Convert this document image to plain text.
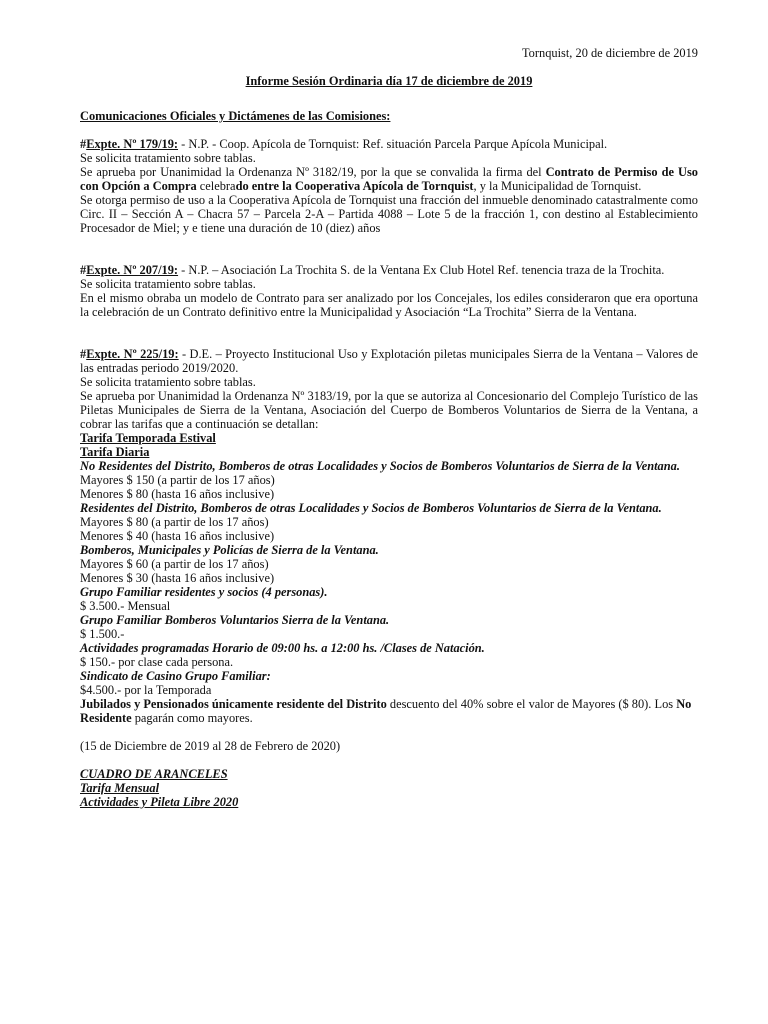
Tornquist, 20 de diciembre de 2019

Informe Sesión Ordinaria día 17 de diciembre de 2019

Comunicaciones Oficiales y Dictámenes de las Comisiones:

#Expte. Nº 179/19: - N.P. - Coop. Apícola de Tornquist: Ref. situación Parcela Parque Apícola Municipal.

Se solicita tratamiento sobre tablas.

Se aprueba por Unanimidad la Ordenanza Nº 3182/19, por la que se convalida la firma del Contrato de Permiso de Uso con Opción a Compra celebrado entre la Cooperativa Apícola de Tornquist, y la Municipalidad de Tornquist.

Se otorga permiso de uso a la Cooperativa Apícola de Tornquist una fracción del inmueble denominado catastralmente como Circ. II – Sección A – Chacra 57 – Parcela 2-A – Partida 4088 – Lote 5 de la fracción 1, con destino al Establecimiento Procesador de Miel; y e tiene una duración de 10 (diez) años

#Expte. Nº 207/19: - N.P. – Asociación La Trochita S. de la Ventana Ex Club Hotel Ref. tenencia traza de la Trochita.

Se solicita tratamiento sobre tablas.

En el mismo obraba un modelo de Contrato para ser analizado por los Concejales, los ediles consideraron que era oportuna la celebración de un Contrato definitivo entre la Municipalidad y Asociación “La Trochita” Sierra de la Ventana.

#Expte. Nº 225/19: - D.E. – Proyecto Institucional Uso y Explotación piletas municipales Sierra de la Ventana – Valores de las entradas periodo 2019/2020.

Se solicita tratamiento sobre tablas.

Se aprueba por Unanimidad la Ordenanza Nº 3183/19, por la que se autoriza al Concesionario del Complejo Turístico de las Piletas Municipales de Sierra de la Ventana, Asociación del Cuerpo de Bomberos Voluntarios de Sierra de la Ventana, a cobrar las tarifas que a continuación se detallan:

Tarifa Temporada Estival

Tarifa Diaria

No Residentes del Distrito, Bomberos de otras Localidades y Socios de Bomberos Voluntarios de Sierra de la Ventana.

Mayores $ 150 (a partir de los 17 años)

Menores $ 80 (hasta 16 años inclusive)

Residentes del Distrito, Bomberos de otras Localidades y Socios de Bomberos Voluntarios de Sierra de la Ventana.

Mayores $ 80 (a partir de los 17 años)

Menores $ 40 (hasta 16 años inclusive)

Bomberos, Municipales y Policías de Sierra de la Ventana.

Mayores $ 60 (a partir de los 17 años)

Menores $ 30 (hasta 16 años inclusive)

Grupo Familiar residentes y socios (4 personas).

$ 3.500.- Mensual

Grupo Familiar Bomberos Voluntarios Sierra de la Ventana.

$ 1.500.-

Actividades programadas Horario de 09:00 hs. a 12:00 hs. /Clases de Natación.

$ 150.- por clase cada persona.

Sindicato de Casino Grupo Familiar:

$4.500.- por la Temporada

Jubilados y Pensionados únicamente residente del Distrito descuento del 40% sobre el valor de Mayores ($ 80). Los No Residente pagarán como mayores.

(15 de Diciembre de 2019 al 28 de Febrero de 2020)

CUADRO DE ARANCELES

Tarifa Mensual

Actividades y Pileta Libre 2020
